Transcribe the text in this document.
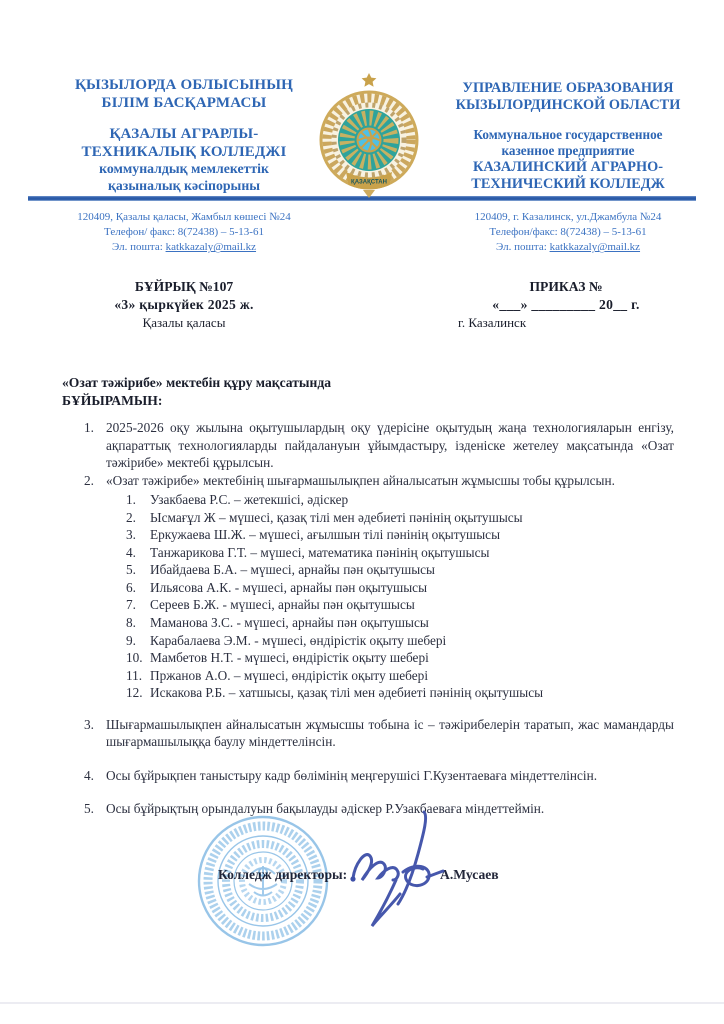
ҚЫЗЫЛОРДА ОБЛЫСЫНЫҢ
БІЛІМ БАСҚАРМАСЫ
ҚАЗАЛЫ АГРАРЛЫ-
ТЕХНИКАЛЫҚ КОЛЛЕДЖІ
коммуналдық мемлекеттік
қазыналық кәсіпорыны	ҚАЗАҚСТАН
УПРАВЛЕНИЕ ОБРАЗОВАНИЯ
КЫЗЫЛОРДИНСКОЙ ОБЛАСТИ
Коммунальное государственное
казенное предприятие
КАЗАЛИНСКИЙ АГРАРНО-
ТЕХНИЧЕСКИЙ КОЛЛЕДЖ
120409, Қазалы қаласы, Жамбыл көшесі №24
Телефон/ факс: 8(72438) – 5-13-61
Эл. пошта: katkkazaly@mail.kz
120409, г. Казалинск, ул.Джамбула №24
Телефон/факс: 8(72438) – 5-13-61
Эл. пошта: katkkazaly@mail.kz
БҰЙРЫҚ №107
«3» қыркүйек 2025 ж.
Қазалы қаласы
ПРИКАЗ №
«___» _________ 20__ г.
г. Казалинск
«Озат тәжірибе» мектебін құру мақсатында
БҰЙЫРАМЫН:
1. 2025-2026 оқу жылына оқытушылардың оқу үдерісіне оқытудың жаңа технологияларын енгізу, ақпараттық технологияларды пайдалануын ұйымдастыру, ізденіске жетелеу мақсатында «Озат тәжірибе» мектебі құрылсын.
2. «Озат тәжірибе» мектебінің шығармашылықпен айналысатын жұмысшы тобы құрылсын.
1.	Узакбаева Р.С. – жетекшісі, әдіскер
2.	Ысмағұл Ж – мүшесі, қазақ тілі мен әдебиеті пәнінің оқытушысы
3.	Еркужаева Ш.Ж. – мүшесі, ағылшын тілі пәнінің оқытушысы
4.	Танжарикова Г.Т. – мүшесі, математика пәнінің оқытушысы
5.	Ибайдаева Б.А. – мүшесі, арнайы пән оқытушысы
6.	Ильясова А.К. - мүшесі, арнайы пән оқытушысы
7.	Сереев Б.Ж. - мүшесі, арнайы пән оқытушысы
8.	Маманова З.С. - мүшесі, арнайы пән оқытушысы
9.	Карабалаева Э.М. - мүшесі, өндірістік оқыту шебері
10. Мамбетов Н.Т. - мүшесі, өндірістік оқыту шебері
11. Пржанов А.О. – мүшесі, өндірістік оқыту шебері
12. Искакова Р.Б. – хатшысы, қазақ тілі мен әдебиеті пәнінің оқытушысы
3. Шығармашылықпен айналысатын жұмысшы тобына іс – тәжірибелерін таратып, жас мамандарды шығармашылыққа баулу міндеттелінсін.
4. Осы бұйрықпен таныстыру кадр бөлімінің меңгерушісі Г.Кузентаеваға міндеттелінсін.
5. Осы бұйрықтың орындалуын бақылауды әдіскер Р.Узакбаеваға міндеттеймін.
Колледж директоры:	А.Мусаев
